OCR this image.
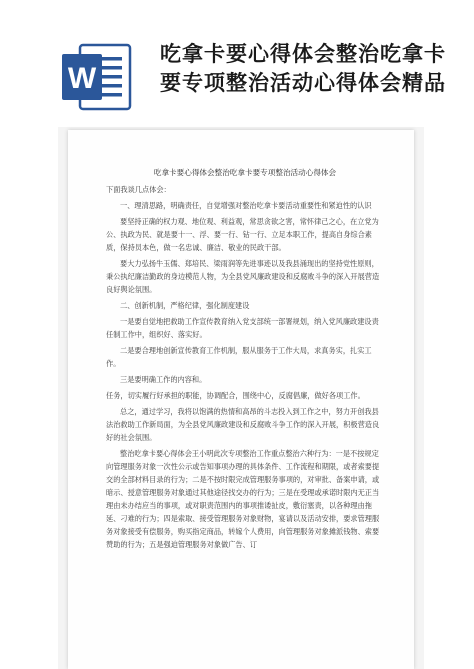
W
吃拿卡要心得体会整治吃拿卡
要专项整治活动心得体会精品
吃拿卡要心得体会整治吃拿卡要专项整治活动心得体会

下面我谈几点体会：

一、理清思路，明确责任，自觉增强对整治吃拿卡要活动重要性和紧迫性的认识

要坚持正确的权力观、地位观、利益观，常思贪欲之害，常怀律己之心，在立党为公、执政为民、就是要十一、浮、要一行、钻一行、立足本职工作，提高自身综合素质，保持员本色，做一名忠诚、廉洁、敬业的民政干部。

要大力弘扬牛玉儒、郑培民、梁雨润等先进事迹以及我县涌现出的坚持党性原则，秉公执纪廉洁勤政的身边模范人物，为全县党风廉政建设和反腐败斗争的深入开展营造良好舆论氛围。

二、创新机制，严格纪律，强化制度建设

一是要自觉地把救助工作宣传教育纳入党支部统一部署规划，纳入党风廉政建设责任制工作中，组织好、落实好。

二是要合理地创新宣传教育工作机制，服从服务于工作大局，求真务实，扎实工作。

三是要明确工作的内容和。

任务，切实履行好承担的职能，协调配合，围绕中心，反腐倡廉，做好各项工作。

总之，通过学习，我将以饱满的热情和高昂的斗志投入到工作之中，努力开创我县法治救助工作新局面，为全县党风廉政建设和反腐败斗争工作的深入开展，积极营造良好的社会氛围。

整治吃拿卡要心得体会王小明此次专项整治工作重点整治六种行为：一是不按规定向管理服务对象一次性公示或告知事项办理的具体条件、工作流程和期限，或者索要提交的全部材料目录的行为；二是不按时限完成管理服务事项的，对审批、备案申请，或暗示、授意管理服务对象通过其他途径找交办的行为；三是在受理或承诺时限内无正当理由未办结应当的事项，或对职责范围内的事项推诿扯皮，敷衍塞责，以各种理由拖延、刁难的行为；四是索取、接受管理服务对象财物，宴请以及活动安排，要求管理服务对象接受有偿服务，购买指定商品，转嫁个人费用，向管理服务对象摊派钱物、索要赞助的行为；五是强迫管理服务对象做广告、订
